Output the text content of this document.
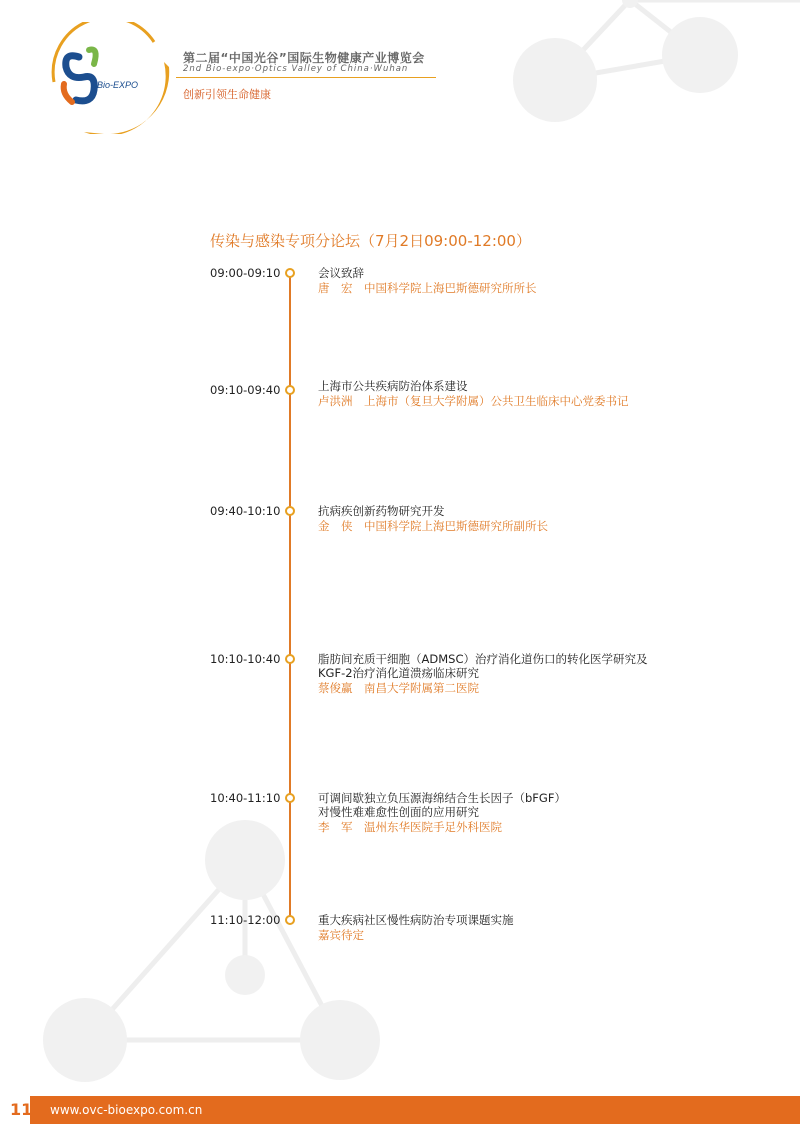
Bio-EXPO
第二届“中国光谷”国际生物健康产业博览会
2nd Bio-expo·Optics Valley of China·Wuhan
创新引领生命健康
传染与感染专项分论坛（7月2日09:00-12:00）
09:00-09:10	会议致辞
唐　宏　中国科学院上海巴斯德研究所所长
09:10-09:40	上海市公共疾病防治体系建设
卢洪洲　上海市（复旦大学附属）公共卫生临床中心党委书记
09:40-10:10	抗病疾创新药物研究开发
金　侠　中国科学院上海巴斯德研究所副所长
10:10-10:40	脂肪间充质干细胞（ADMSC）治疗消化道伤口的转化医学研究及KGF-2治疗消化道溃疡临床研究
蔡俊赢　南昌大学附属第二医院
10:40-11:10	可调间歇独立负压源海绵结合生长因子（bFGF）对慢性难难愈性创面的应用研究
李　军　温州东华医院手足外科医院
11:10-12:00	重大疾病社区慢性病防治专项课题实施
嘉宾待定
11 www.ovc-bioexpo.com.cn
